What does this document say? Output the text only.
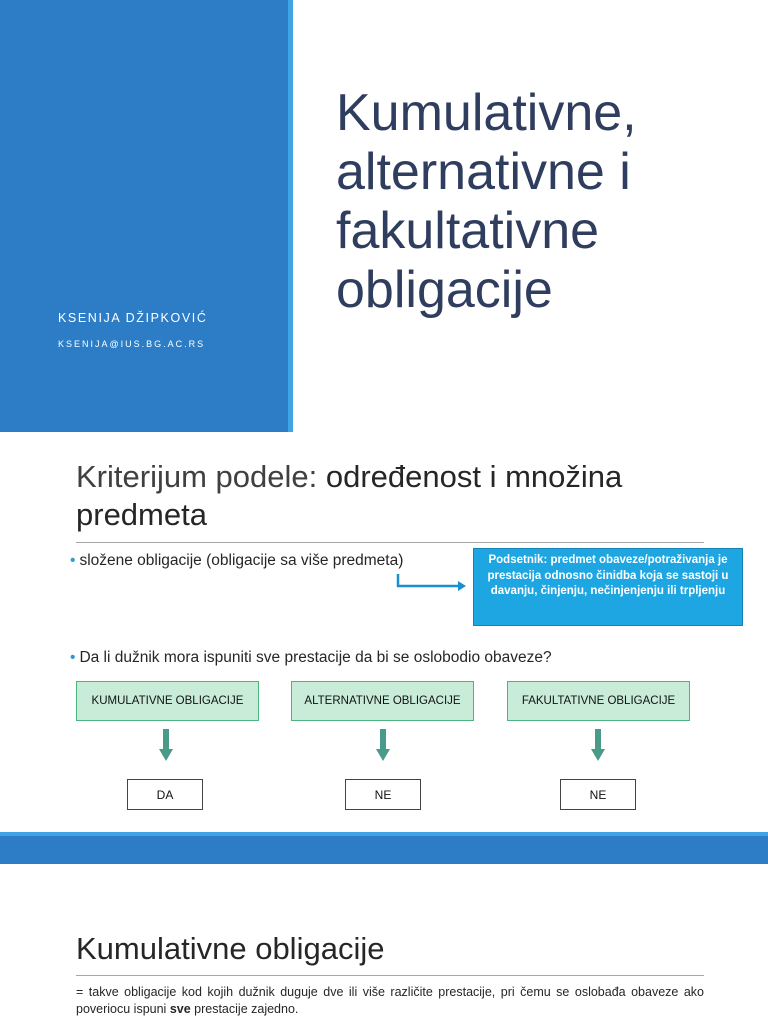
KSENIJA DŽIPKOVIĆ
KSENIJA@IUS.BG.AC.RS
Kumulativne,
alternativne i
fakultativne
obligacije
Kriterijum podele: određenost i množina
predmeta
• složene obligacije (obligacije sa više predmeta)	Podsetnik: predmet obaveze/potraživanja je prestacija odnosno činidba koja se sastoji u davanju, činjenju, nečinjenjenju ili trpljenju
• Da li dužnik mora ispuniti sve prestacije da bi se oslobodio obaveze?
KUMULATIVNE OBLIGACIJE	ALTERNATIVNE OBLIGACIJE	FAKULTATIVNE OBLIGACIJE
DA	NE	NE
Kumulativne obligacije

= takve obligacije kod kojih dužnik duguje dve ili više različite prestacije, pri čemu se oslobađa obaveze ako poveriocu ispuni sve prestacije zajedno.
